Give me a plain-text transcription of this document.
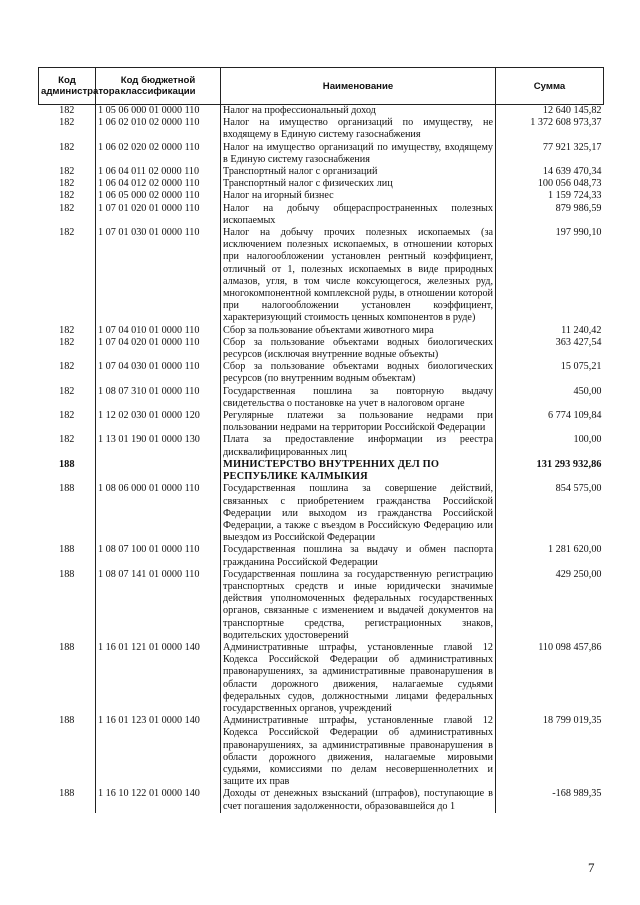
Код администратора	Код бюджетной классификации	Наименование	Сумма
182	1 05 06 000 01 0000 110	Налог на профессиональный доход	12 640 145,82
182	1 06 02 010 02 0000 110	Налог на имущество организаций по имуществу, не входящему в Единую систему газоснабжения	1 372 608 973,37
182	1 06 02 020 02 0000 110	Налог на имущество организаций по имуществу, входящему в Единую систему газоснабжения	77 921 325,17
182	1 06 04 011 02 0000 110	Транспортный налог с организаций	14 639 470,34
182	1 06 04 012 02 0000 110	Транспортный налог с физических лиц	100 056 048,73
182	1 06 05 000 02 0000 110	Налог на игорный бизнес	1 159 724,33
182	1 07 01 020 01 0000 110	Налог на добычу общераспространенных полезных ископаемых	879 986,59
182	1 07 01 030 01 0000 110	Налог на добычу прочих полезных ископаемых (за исключением полезных ископаемых, в отношении которых при налогообложении установлен рентный коэффициент, отличный от 1, полезных ископаемых в виде природных алмазов, угля, в том числе коксующегося, железных руд, многокомпонентной комплексной руды, в отношении которой при налогообложении установлен коэффициент, характеризующий стоимость ценных компонентов в руде)	197 990,10
182	1 07 04 010 01 0000 110	Сбор за пользование объектами животного мира	11 240,42
182	1 07 04 020 01 0000 110	Сбор за пользование объектами водных биологических ресурсов (исключая внутренние водные объекты)	363 427,54
182	1 07 04 030 01 0000 110	Сбор за пользование объектами водных биологических ресурсов (по внутренним водным объектам)	15 075,21
182	1 08 07 310 01 0000 110	Государственная пошлина за повторную выдачу свидетельства о постановке на учет в налоговом органе	450,00
182	1 12 02 030 01 0000 120	Регулярные платежи за пользование недрами при пользовании недрами на территории Российской Федерации	6 774 109,84
182	1 13 01 190 01 0000 130	Плата за предоставление информации из реестра дисквалифицированных лиц	100,00
188		МИНИСТЕРСТВО ВНУТРЕННИХ ДЕЛ ПО РЕСПУБЛИКЕ КАЛМЫКИЯ	131 293 932,86
188	1 08 06 000 01 0000 110	Государственная пошлина за совершение действий, связанных с приобретением гражданства Российской Федерации или выходом из гражданства Российской Федерации, а также с въездом в Российскую Федерацию или выездом из Российской Федерации	854 575,00
188	1 08 07 100 01 0000 110	Государственная пошлина за выдачу и обмен паспорта гражданина Российской Федерации	1 281 620,00
188	1 08 07 141 01 0000 110	Государственная пошлина за государственную регистрацию транспортных средств и иные юридически значимые действия уполномоченных федеральных государственных органов, связанные с изменением и выдачей документов на транспортные средства, регистрационных знаков, водительских удостоверений	429 250,00
188	1 16 01 121 01 0000 140	Административные штрафы, установленные главой 12 Кодекса Российской Федерации об административных правонарушениях, за административные правонарушения в области дорожного движения, налагаемые судьями федеральных судов, должностными лицами федеральных государственных органов, учреждений	110 098 457,86
188	1 16 01 123 01 0000 140	Административные штрафы, установленные главой 12 Кодекса Российской Федерации об административных правонарушениях, за административные правонарушения в области дорожного движения, налагаемые мировыми судьями, комиссиями по делам несовершеннолетних и защите их прав	18 799 019,35
188	1 16 10 122 01 0000 140	Доходы от денежных взысканий (штрафов), поступающие в счет погашения задолженности, образовавшейся до 1	-168 989,35
7
